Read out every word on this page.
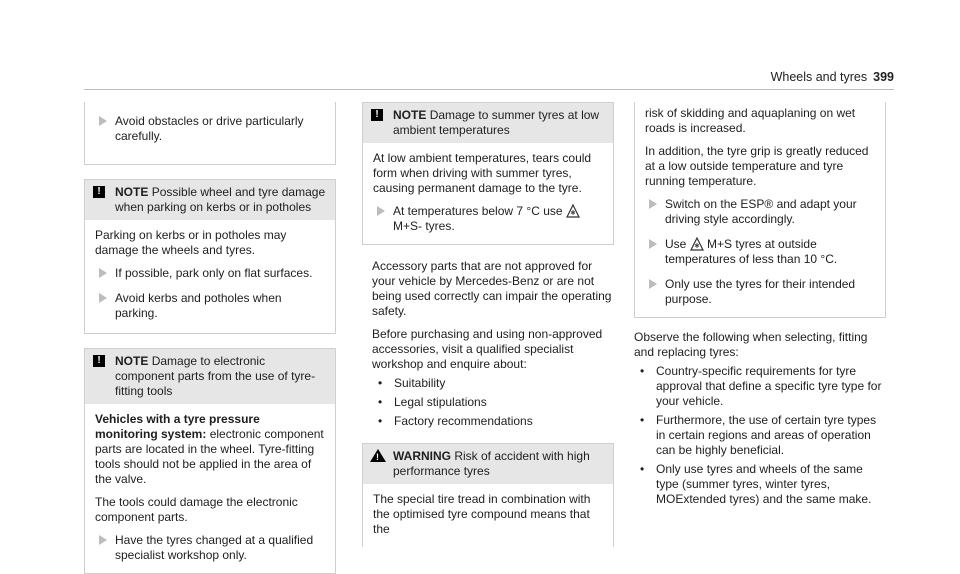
Wheels and tyres 399
Avoid obstacles or drive particularly carefully.
!	NOTE Possible wheel and tyre damage when parking on kerbs or in potholes

Parking on kerbs or in potholes may damage the wheels and tyres.

If possible, park only on flat surfaces.
Avoid kerbs and potholes when parking.
!	NOTE Damage to electronic component parts from the use of tyre-fitting tools

Vehicles with a tyre pressure monitoring system: electronic component parts are located in the wheel. Tyre-fitting tools should not be applied in the area of the valve.

The tools could damage the electronic component parts.

Have the tyres changed at a qualified specialist workshop only.
!	NOTE Damage to summer tyres at low ambient temperatures

At low ambient temperatures, tears could form when driving with summer tyres, causing permanent damage to the tyre.

At temperatures below 7 °C use
M+S- tyres.

Accessory parts that are not approved for your vehicle by Mercedes-Benz or are not being used correctly can impair the operating safety.

Before purchasing and using non-approved accessories, visit a qualified specialist workshop and enquire about:

• Suitability
• Legal stipulations
• Factory recommendations
! WARNING Risk of accident with high performance tyres

The special tire tread in combination with the optimised tyre compound means that the

risk of skidding and aquaplaning on wet roads is increased.

In addition, the tyre grip is greatly reduced at a low outside temperature and tyre running temperature.

Switch on the ESP® and adapt your driving style accordingly.
Use M+S tyres at outside temperatures of less than 10 °C.
Only use the tyres for their intended purpose.

Observe the following when selecting, fitting and replacing tyres:

• Country-specific requirements for tyre approval that define a specific tyre type for your vehicle.
• Furthermore, the use of certain tyre types in certain regions and areas of operation can be highly beneficial.
• Only use tyres and wheels of the same type (summer tyres, winter tyres, MOExtended tyres) and the same make.
